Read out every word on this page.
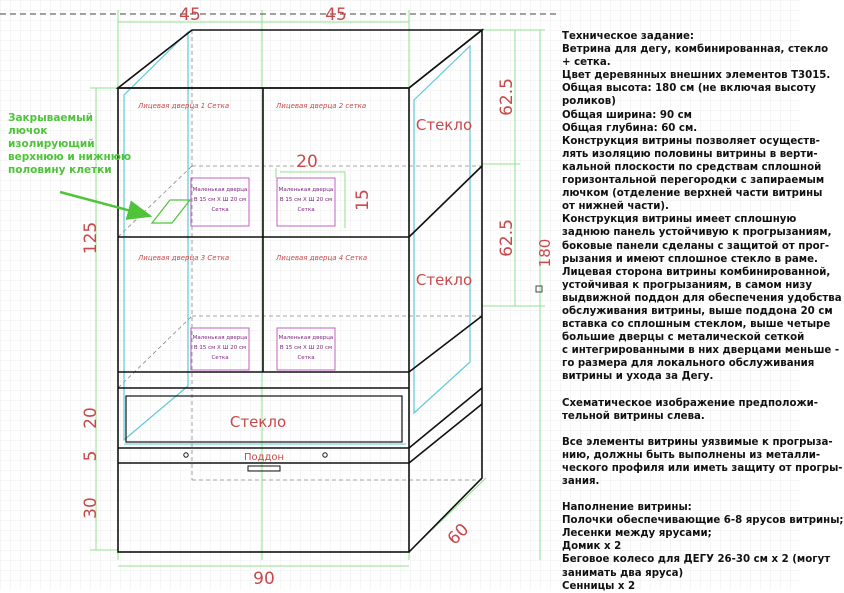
Лицевая дверца 1 Сетка	Лицевая дверца 2 сетка
Лицевая дверца 3 Сетка	Лицевая дверца 4 Сетка
Маленькая дверца
В 15 см Х Ш 20 см
Сетка
Маленькая дверца
В 15 см Х Ш 20 см
Сетка
Маленькая дверца
В 15 см Х Ш 20 см
Сетка
Маленькая дверца
В 15 см Х Ш 20 см
Сетка
Стекло
Стекло
Стекло
Поддон
45	45
20
90
125
20
5
30
15
62.5
62.5 180
60
Закрываемый
лючок
изолирующий
верхнюю и нижнюю
половину клетки

Техническое задание:

Ветрина для дегу, комбинированная, стекло

+ сетка.

Цвет деревянных внешних элементов Т3015.

Общая высота: 180 см (не включая высоту

роликов)

Общая ширина: 90 см

Общая глубина: 60 см.

Конструкция витрины позволяет осуществ-

лять изоляцию половины витрины в верти-

кальной плоскости по средствам сплошной

горизонтальной перегородки с запираемым

лючком (отделение верхней части витрины

от нижней части).

Конструкция витрины имеет сплошную

заднюю панель устойчивую к прогрызаниям,

боковые панели сделаны с защитой от прог-

рызания и имеют сплошное стекло в раме.

Лицевая сторона витрины комбинированной,

устойчивая к прогрызаниям, в самом низу

выдвижной поддон для обеспечения удобства

обслуживания витрины, выше поддона 20 см

вставка со сплошным стеклом, выше четыре

большие дверцы с металической сеткой

с интегрированными в них дверцами меньше -

го размера для локального обслуживания

витрины и ухода за Дегу.

Схематическое изображение предположи-

тельной витрины слева.

Все элементы витрины уязвимые к прогрыза-

нию, должны быть выполнены из металли-

ческого профиля или иметь защиту от прогры-

зания.

Наполнение витрины:

Полочки обеспечивающие 6-8 ярусов витрины;

Лесенки между ярусами;

Домик х 2

Беговое колесо для ДЕГУ 26-30 см х 2 (могут

занимать два яруса)

Сенницы х 2
